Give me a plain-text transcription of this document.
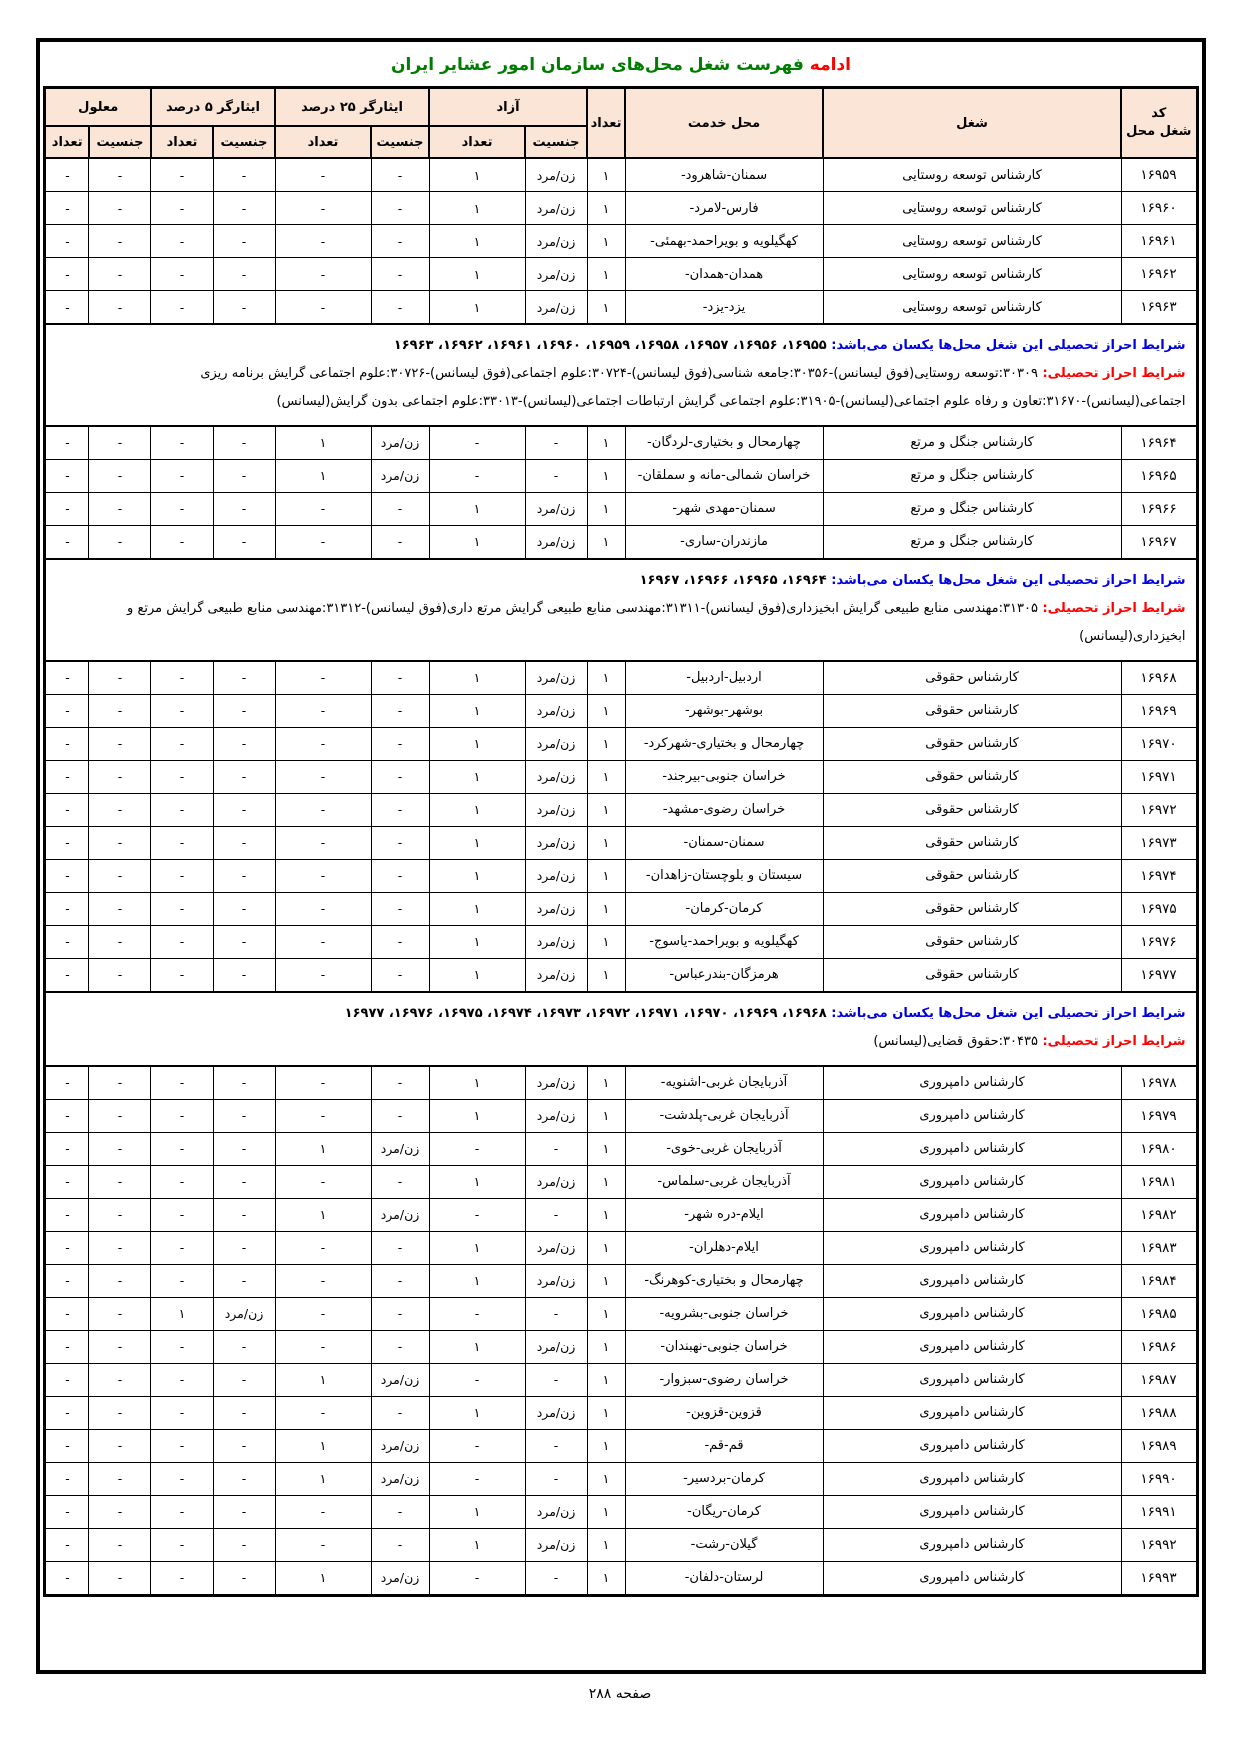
ادامه فهرست شغل محل‌های سازمان امور عشایر ایران
کد
شغل محل	شغل	محل خدمت	تعداد	آزاد		ایثارگر ۲۵ درصد		ایثارگر ۵ درصد		معلول	
				جنسیت	تعداد	جنسیت	تعداد	جنسیت	تعداد	جنسیت	تعداد
۱۶۹۵۹	کارشناس توسعه روستایی	سمنان-شاهرود-	۱	زن/مرد	۱	-	-	-	-	-	-
۱۶۹۶۰	کارشناس توسعه روستایی	فارس-لامرد-	۱	زن/مرد	۱	-	-	-	-	-	-
۱۶۹۶۱	کارشناس توسعه روستایی	کهگیلویه و بویراحمد-بهمئی-	۱	زن/مرد	۱	-	-	-	-	-	-
۱۶۹۶۲	کارشناس توسعه روستایی	همدان-همدان-	۱	زن/مرد	۱	-	-	-	-	-	-
۱۶۹۶۳	کارشناس توسعه روستایی	یزد-یزد-	۱	زن/مرد	۱	-	-	-	-	-	-

شرایط احراز تحصیلی این شغل محل‌ها یکسان می‌باشد: ۱۶۹۵۵، ۱۶۹۵۶، ۱۶۹۵۷، ۱۶۹۵۸، ۱۶۹۵۹، ۱۶۹۶۰، ۱۶۹۶۱، ۱۶۹۶۲، ۱۶۹۶۳
شرایط احراز تحصیلی: ۳۰۳۰۹:توسعه روستایی(فوق لیسانس)-۳۰۳۵۶:جامعه شناسی(فوق لیسانس)-۳۰۷۲۴:علوم اجتماعی(فوق لیسانس)-۳۰۷۲۶:علوم اجتماعی گرایش برنامه ریزی اجتماعی(لیسانس)-۳۱۶۷۰:تعاون و رفاه علوم اجتماعی(لیسانس)-۳۱۹۰۵:علوم اجتماعی گرایش ارتباطات اجتماعی(لیسانس)-۳۳۰۱۳:علوم اجتماعی بدون گرایش(لیسانس)											

۱۶۹۶۴	کارشناس جنگل و مرتع	چهارمحال و بختیاری-لردگان-	۱	-	-	زن/مرد	۱	-	-	-	-
۱۶۹۶۵	کارشناس جنگل و مرتع	خراسان شمالی-مانه و سملقان-	۱	-	-	زن/مرد	۱	-	-	-	-
۱۶۹۶۶	کارشناس جنگل و مرتع	سمنان-مهدی شهر-	۱	زن/مرد	۱	-	-	-	-	-	-
۱۶۹۶۷	کارشناس جنگل و مرتع	مازندران-ساری-	۱	زن/مرد	۱	-	-	-	-	-	-

شرایط احراز تحصیلی این شغل محل‌ها یکسان می‌باشد: ۱۶۹۶۴، ۱۶۹۶۵، ۱۶۹۶۶، ۱۶۹۶۷
شرایط احراز تحصیلی: ۳۱۳۰۵:مهندسی منابع طبیعی گرایش ابخیزداری(فوق لیسانس)-۳۱۳۱۱:مهندسی منابع طبیعی گرایش مرتع داری(فوق لیسانس)-۳۱۳۱۲:مهندسی منابع طبیعی گرایش مرتع و ابخیزداری(لیسانس)											

۱۶۹۶۸	کارشناس حقوقی	اردبیل-اردبیل-	۱	زن/مرد	۱	-	-	-	-	-	-
۱۶۹۶۹	کارشناس حقوقی	بوشهر-بوشهر-	۱	زن/مرد	۱	-	-	-	-	-	-
۱۶۹۷۰	کارشناس حقوقی	چهارمحال و بختیاری-شهرکرد-	۱	زن/مرد	۱	-	-	-	-	-	-
۱۶۹۷۱	کارشناس حقوقی	خراسان جنوبی-بیرجند-	۱	زن/مرد	۱	-	-	-	-	-	-
۱۶۹۷۲	کارشناس حقوقی	خراسان رضوی-مشهد-	۱	زن/مرد	۱	-	-	-	-	-	-
۱۶۹۷۳	کارشناس حقوقی	سمنان-سمنان-	۱	زن/مرد	۱	-	-	-	-	-	-
۱۶۹۷۴	کارشناس حقوقی	سیستان و بلوچستان-زاهدان-	۱	زن/مرد	۱	-	-	-	-	-	-
۱۶۹۷۵	کارشناس حقوقی	کرمان-کرمان-	۱	زن/مرد	۱	-	-	-	-	-	-
۱۶۹۷۶	کارشناس حقوقی	کهگیلویه و بویراحمد-یاسوج-	۱	زن/مرد	۱	-	-	-	-	-	-
۱۶۹۷۷	کارشناس حقوقی	هرمزگان-بندرعباس-	۱	زن/مرد	۱	-	-	-	-	-	-

شرایط احراز تحصیلی این شغل محل‌ها یکسان می‌باشد: ۱۶۹۶۸، ۱۶۹۶۹، ۱۶۹۷۰، ۱۶۹۷۱، ۱۶۹۷۲، ۱۶۹۷۳، ۱۶۹۷۴، ۱۶۹۷۵، ۱۶۹۷۶، ۱۶۹۷۷
شرایط احراز تحصیلی: ۳۰۴۳۵:حقوق قضایی(لیسانس)											

۱۶۹۷۸	کارشناس دامپروری	آذربایجان غربی-اشنویه-	۱	زن/مرد	۱	-	-	-	-	-	-
۱۶۹۷۹	کارشناس دامپروری	آذربایجان غربی-پلدشت-	۱	زن/مرد	۱	-	-	-	-	-	-
۱۶۹۸۰	کارشناس دامپروری	آذربایجان غربی-خوی-	۱	-	-	زن/مرد	۱	-	-	-	-
۱۶۹۸۱	کارشناس دامپروری	آذربایجان غربی-سلماس-	۱	زن/مرد	۱	-	-	-	-	-	-
۱۶۹۸۲	کارشناس دامپروری	ایلام-دره شهر-	۱	-	-	زن/مرد	۱	-	-	-	-
۱۶۹۸۳	کارشناس دامپروری	ایلام-دهلران-	۱	زن/مرد	۱	-	-	-	-	-	-
۱۶۹۸۴	کارشناس دامپروری	چهارمحال و بختیاری-کوهرنگ-	۱	زن/مرد	۱	-	-	-	-	-	-
۱۶۹۸۵	کارشناس دامپروری	خراسان جنوبی-بشرویه-	۱	-	-	-	-	زن/مرد	۱	-	-
۱۶۹۸۶	کارشناس دامپروری	خراسان جنوبی-نهبندان-	۱	زن/مرد	۱	-	-	-	-	-	-
۱۶۹۸۷	کارشناس دامپروری	خراسان رضوی-سبزوار-	۱	-	-	زن/مرد	۱	-	-	-	-
۱۶۹۸۸	کارشناس دامپروری	قزوین-قزوین-	۱	زن/مرد	۱	-	-	-	-	-	-
۱۶۹۸۹	کارشناس دامپروری	قم-قم-	۱	-	-	زن/مرد	۱	-	-	-	-
۱۶۹۹۰	کارشناس دامپروری	کرمان-بردسیر-	۱	-	-	زن/مرد	۱	-	-	-	-
۱۶۹۹۱	کارشناس دامپروری	کرمان-ریگان-	۱	زن/مرد	۱	-	-	-	-	-	-
۱۶۹۹۲	کارشناس دامپروری	گیلان-رشت-	۱	زن/مرد	۱	-	-	-	-	-	-
۱۶۹۹۳	کارشناس دامپروری	لرستان-دلفان-	۱	-	-	زن/مرد	۱	-	-	-	-
صفحه ۲۸۸
